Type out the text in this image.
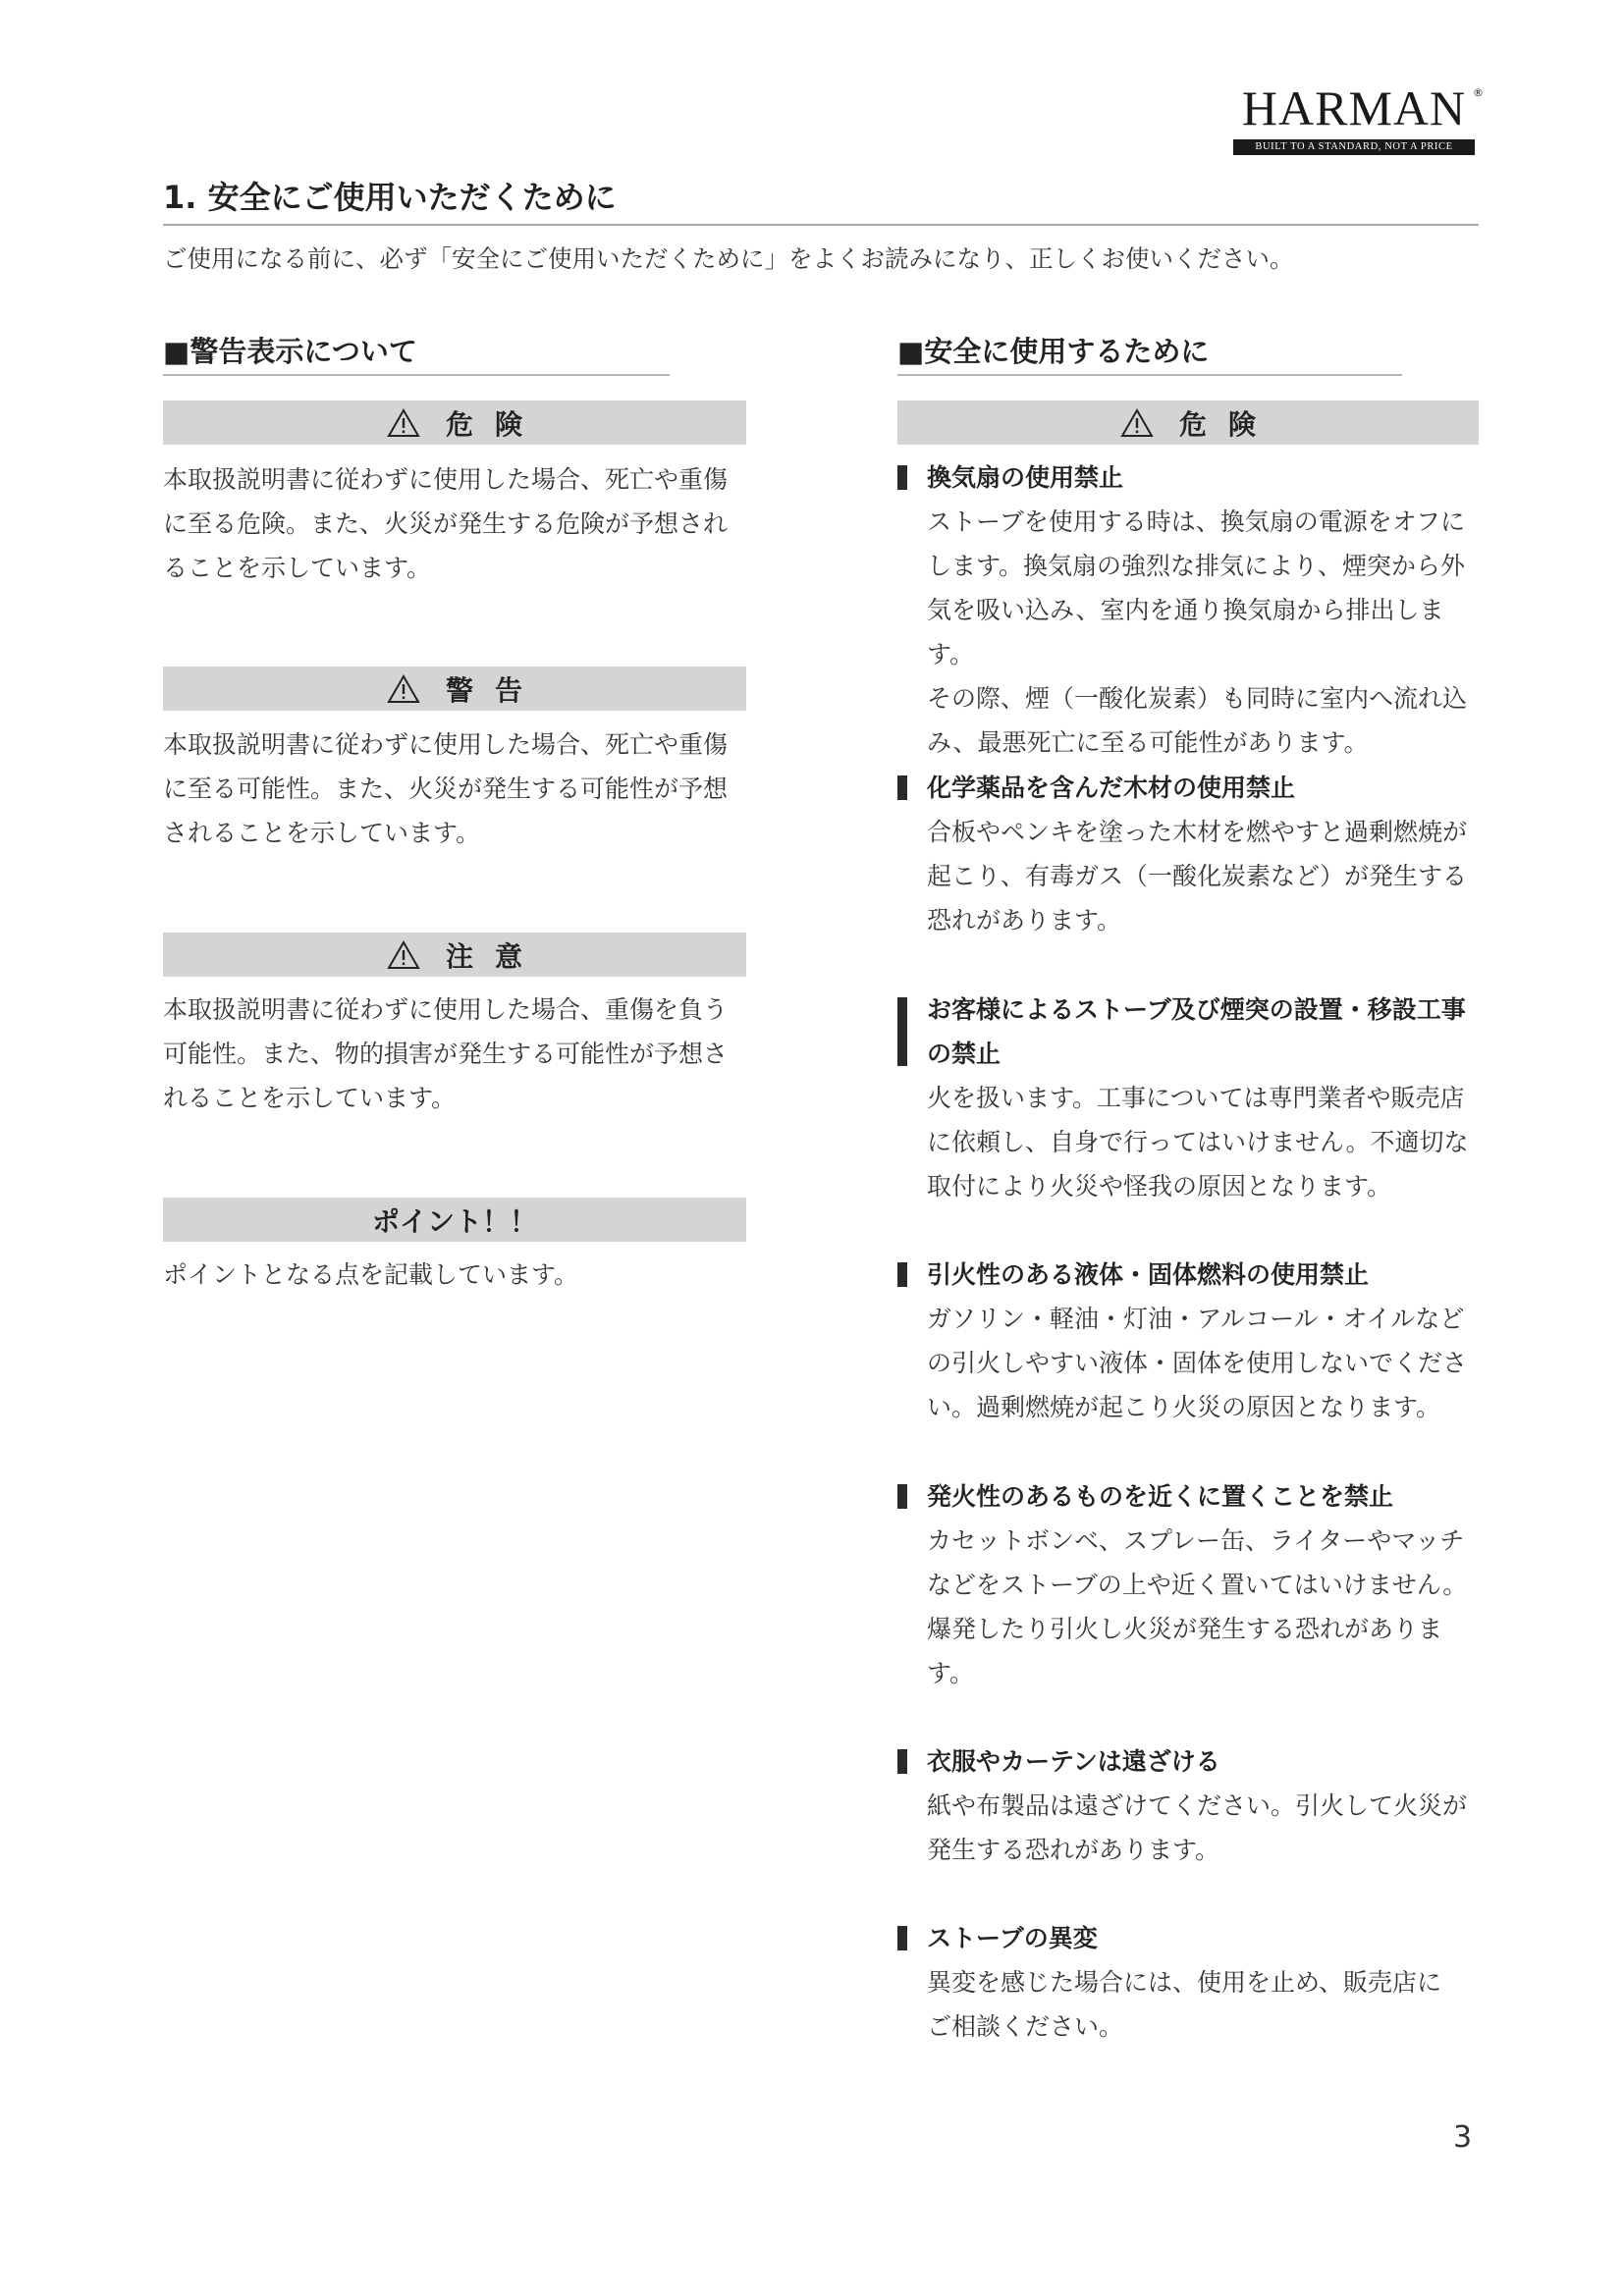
HARMAN ®
BUILT TO A STANDARD, NOT A PRICE
1. 安全にご使用いただくために
ご使用になる前に、必ず「安全にご使用いただくために」をよくお読みになり、正しくお使いください。
■警告表示について
危険
本取扱説明書に従わずに使用した場合、死亡や重傷
に至る危険。また、火災が発生する危険が予想され
ることを示しています。
警告
本取扱説明書に従わずに使用した場合、死亡や重傷
に至る可能性。また、火災が発生する可能性が予想
されることを示しています。
注意
本取扱説明書に従わずに使用した場合、重傷を負う
可能性。また、物的損害が発生する可能性が予想さ
れることを示しています。
ポイント！！
ポイントとなる点を記載しています。
■安全に使用するために
危険
換気扇の使用禁止
ストーブを使用する時は、換気扇の電源をオフに
します。換気扇の強烈な排気により、煙突から外
気を吸い込み、室内を通り換気扇から排出します。
その際、煙（一酸化炭素）も同時に室内へ流れ込
み、最悪死亡に至る可能性があります。
化学薬品を含んだ木材の使用禁止
合板やペンキを塗った木材を燃やすと過剰燃焼が
起こり、有毒ガス（一酸化炭素など）が発生する
恐れがあります。
お客様によるストーブ及び煙突の設置・移設工事
の禁止
火を扱います。工事については専門業者や販売店
に依頼し、自身で行ってはいけません。不適切な
取付により火災や怪我の原因となります。
引火性のある液体・固体燃料の使用禁止
ガソリン・軽油・灯油・アルコール・オイルなど
の引火しやすい液体・固体を使用しないでくださ
い。過剰燃焼が起こり火災の原因となります。
発火性のあるものを近くに置くことを禁止
カセットボンベ、スプレー缶、ライターやマッチ
などをストーブの上や近く置いてはいけません。
爆発したり引火し火災が発生する恐れがありま
す。
衣服やカーテンは遠ざける
紙や布製品は遠ざけてください。引火して火災が
発生する恐れがあります。
ストーブの異変
異変を感じた場合には、使用を止め、販売店に
ご相談ください。
3
